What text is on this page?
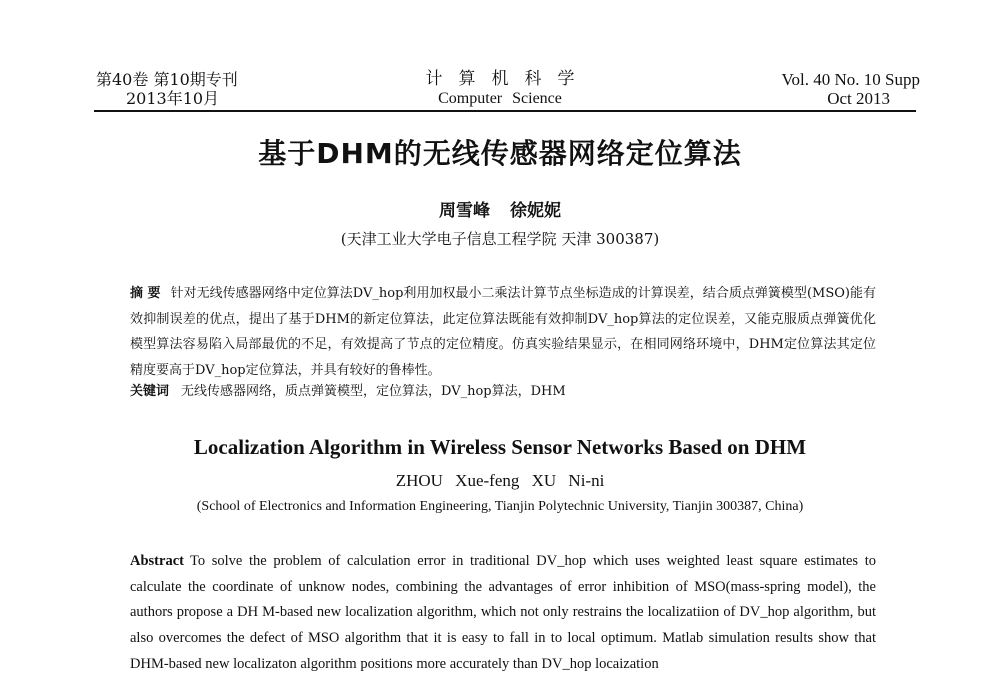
第40卷 第10期专刊
2013年10月
计算机科学
Computer Science
Vol. 40 No. 10 Supp
Oct 2013
基于DHM的无线传感器网络定位算法
周雪峰 徐妮妮
(天津工业大学电子信息工程学院 天津 300387)
摘 要 针对无线传感器网络中定位算法DV_hop利用加权最小二乘法计算节点坐标造成的计算误差，结合质点弹簧模型(MSO)能有效抑制误差的优点，提出了基于DHM的新定位算法，此定位算法既能有效抑制DV_hop算法的定位误差，又能克服质点弹簧优化模型算法容易陷入局部最优的不足，有效提高了节点的定位精度。仿真实验结果显示，在相同网络环境中，DHM定位算法其定位精度要高于DV_hop定位算法，并具有较好的鲁棒性。
关键词 无线传感器网络，质点弹簧模型，定位算法，DV_hop算法，DHM
Localization Algorithm in Wireless Sensor Networks Based on DHM
ZHOU Xue-feng XU Ni-ni
(School of Electronics and Information Engineering, Tianjin Polytechnic University, Tianjin 300387, China)
Abstract To solve the problem of calculation error in traditional DV_hop which uses weighted least square estimates to calculate the coordinate of unknow nodes, combining the advantages of error inhibition of MSO(mass-spring model), the authors propose a DH M-based new localization algorithm, which not only restrains the localizatiion of DV_hop algorithm, but also overcomes the defect of MSO algorithm that it is easy to fall in to local optimum. Matlab simulation results show that DHM-based new localizaton algorithm positions more accurately than DV_hop locaization
